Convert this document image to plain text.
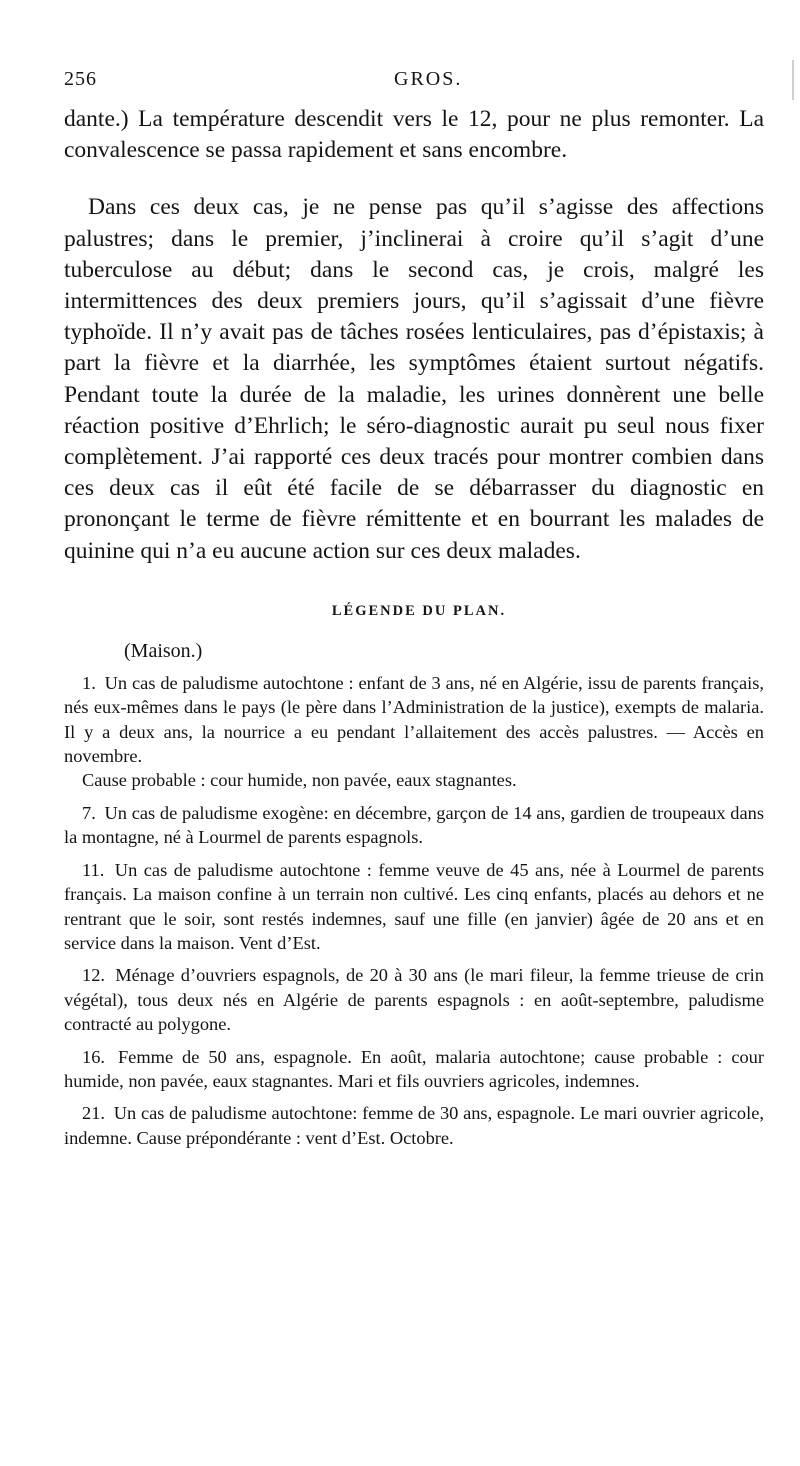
256	GROS.

dante.) La température descendit vers le 12, pour ne plus remonter. La convalescence se passa rapidement et sans encombre.

Dans ces deux cas, je ne pense pas qu’il s’agisse des affections palustres; dans le premier, j’inclinerai à croire qu’il s’agit d’une tuberculose au début; dans le second cas, je crois, malgré les intermittences des deux premiers jours, qu’il s’agissait d’une fièvre typhoïde. Il n’y avait pas de tâches rosées lenticulaires, pas d’épistaxis; à part la fièvre et la diarrhée, les symptômes étaient surtout négatifs. Pendant toute la durée de la maladie, les urines donnèrent une belle réaction positive d’Ehrlich; le séro-diagnostic aurait pu seul nous fixer complètement. J’ai rapporté ces deux tracés pour montrer combien dans ces deux cas il eût été facile de se débarrasser du diagnostic en prononçant le terme de fièvre rémittente et en bourrant les malades de quinine qui n’a eu aucune action sur ces deux malades.

LÉGENDE DU PLAN.
(Maison.)

1. Un cas de paludisme autochtone : enfant de 3 ans, né en Algérie, issu de parents français, nés eux-mêmes dans le pays (le père dans l’Administration de la justice), exempts de malaria. Il y a deux ans, la nourrice a eu pendant l’allaitement des accès palustres. — Accès en novembre.

Cause probable : cour humide, non pavée, eaux stagnantes.

7. Un cas de paludisme exogène: en décembre, garçon de 14 ans, gardien de troupeaux dans la montagne, né à Lourmel de parents espagnols.

11. Un cas de paludisme autochtone : femme veuve de 45 ans, née à Lourmel de parents français. La maison confine à un terrain non cultivé. Les cinq enfants, placés au dehors et ne rentrant que le soir, sont restés indemnes, sauf une fille (en janvier) âgée de 20 ans et en service dans la maison. Vent d’Est.

12. Ménage d’ouvriers espagnols, de 20 à 30 ans (le mari fileur, la femme trieuse de crin végétal), tous deux nés en Algérie de parents espagnols : en août-septembre, paludisme contracté au polygone.

16. Femme de 50 ans, espagnole. En août, malaria autochtone; cause probable : cour humide, non pavée, eaux stagnantes. Mari et fils ouvriers agricoles, indemnes.

21. Un cas de paludisme autochtone: femme de 30 ans, espagnole. Le mari ouvrier agricole, indemne. Cause prépondérante : vent d’Est. Octobre.
